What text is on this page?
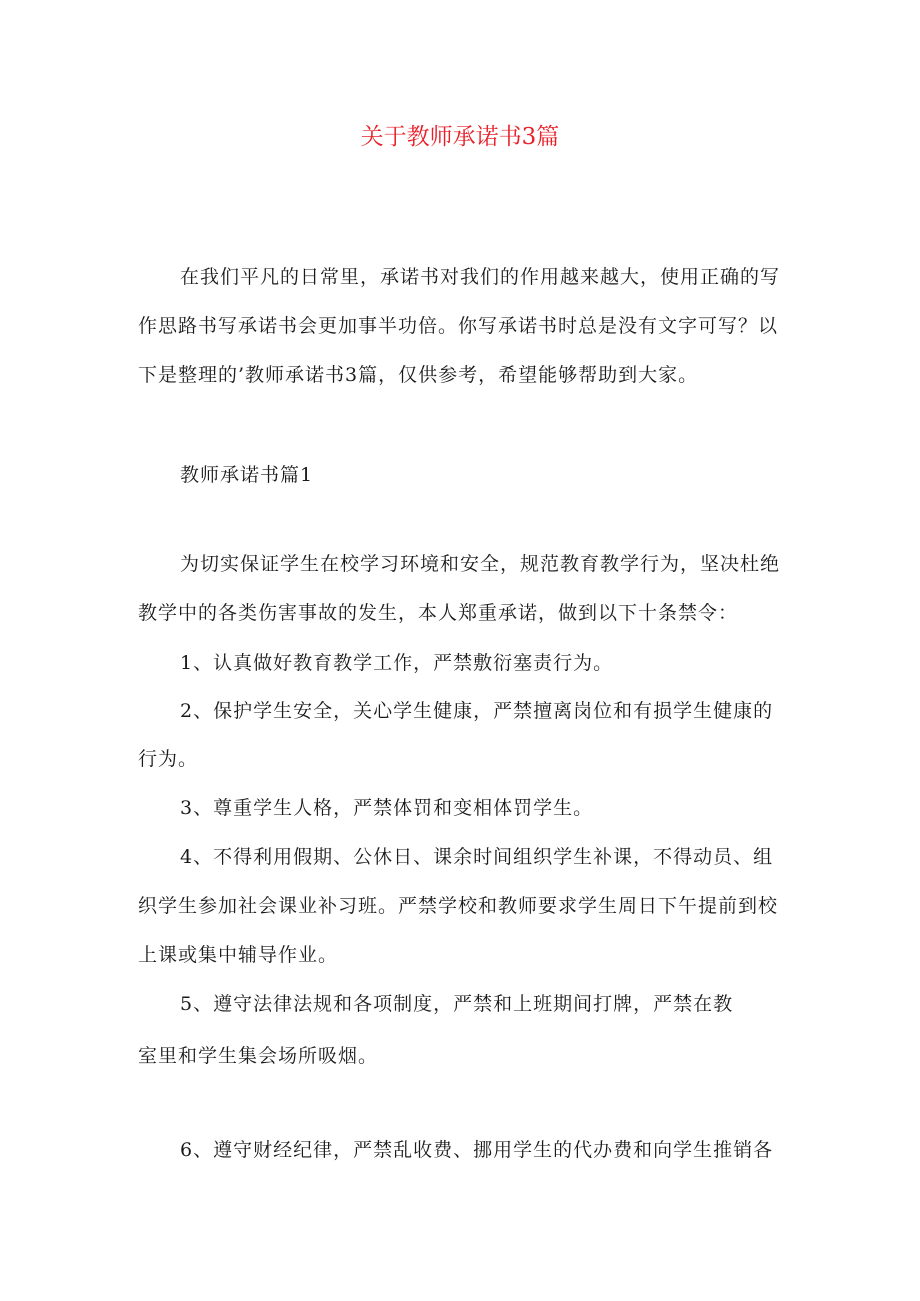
关于教师承诺书3篇
在我们平凡的日常里，承诺书对我们的作用越来越大，使用正确的写
作思路书写承诺书会更加事半功倍。你写承诺书时总是没有文字可写？以
下是整理的’教师承诺书3篇，仅供参考，希望能够帮助到大家。
教师承诺书篇1
为切实保证学生在校学习环境和安全，规范教育教学行为，坚决杜绝
教学中的各类伤害事故的发生，本人郑重承诺，做到以下十条禁令：
1、认真做好教育教学工作，严禁敷衍塞责行为。
2、保护学生安全，关心学生健康，严禁擅离岗位和有损学生健康的
行为。
3、尊重学生人格，严禁体罚和变相体罚学生。
4、不得利用假期、公休日、课余时间组织学生补课，不得动员、组
织学生参加社会课业补习班。严禁学校和教师要求学生周日下午提前到校
上课或集中辅导作业。
5、遵守法律法规和各项制度，严禁和上班期间打牌，严禁在教
室里和学生集会场所吸烟。
6、遵守财经纪律，严禁乱收费、挪用学生的代办费和向学生推销各
